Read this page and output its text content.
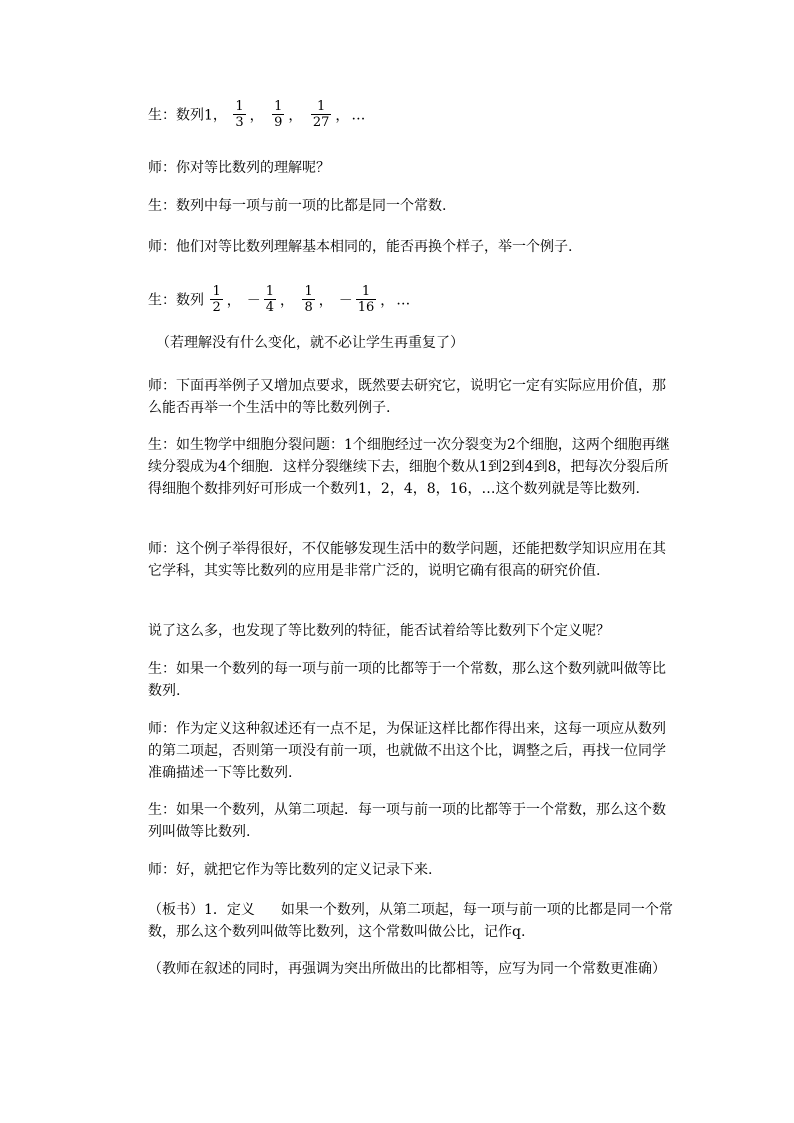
生：数列1， $\frac{1}{3}$ ， $\frac{1}{9}$ ， $\frac{1}{27}$ ， …
师：你对等比数列的理解呢？
生：数列中每一项与前一项的比都是同一个常数.
师：他们对等比数列理解基本相同的，能否再换个样子，举一个例子.
生：数列 $\frac{1}{2}$ ， － $\frac{1}{4}$ ， $\frac{1}{8}$ ， － $\frac{1}{16}$ ， …
（若理解没有什么变化，就不必让学生再重复了）
师：下面再举例子又增加点要求，既然要去研究它，说明它一定有实际应用价值，那么能否再举一个生活中的等比数列例子.
生：如生物学中细胞分裂问题：1个细胞经过一次分裂变为2个细胞，这两个细胞再继续分裂成为4个细胞．这样分裂继续下去，细胞个数从1到2到4到8，把每次分裂后所得细胞个数排列好可形成一个数列1，2，4，8，16，…这个数列就是等比数列.
师：这个例子举得很好，不仅能够发现生活中的数学问题，还能把数学知识应用在其它学科，其实等比数列的应用是非常广泛的，说明它确有很高的研究价值.
说了这么多，也发现了等比数列的特征，能否试着给等比数列下个定义呢？
生：如果一个数列的每一项与前一项的比都等于一个常数，那么这个数列就叫做等比数列.
师：作为定义这种叙述还有一点不足，为保证这样比都作得出来，这每一项应从数列的第二项起，否则第一项没有前一项，也就做不出这个比，调整之后，再找一位同学准确描述一下等比数列.
生：如果一个数列，从第二项起．每一项与前一项的比都等于一个常数，那么这个数列叫做等比数列.
师：好，就把它作为等比数列的定义记录下来.
（板书）1．定义 如果一个数列，从第二项起，每一项与前一项的比都是同一个常数，那么这个数列叫做等比数列，这个常数叫做公比，记作q.
（教师在叙述的同时，再强调为突出所做出的比都相等，应写为同一个常数更准确）
